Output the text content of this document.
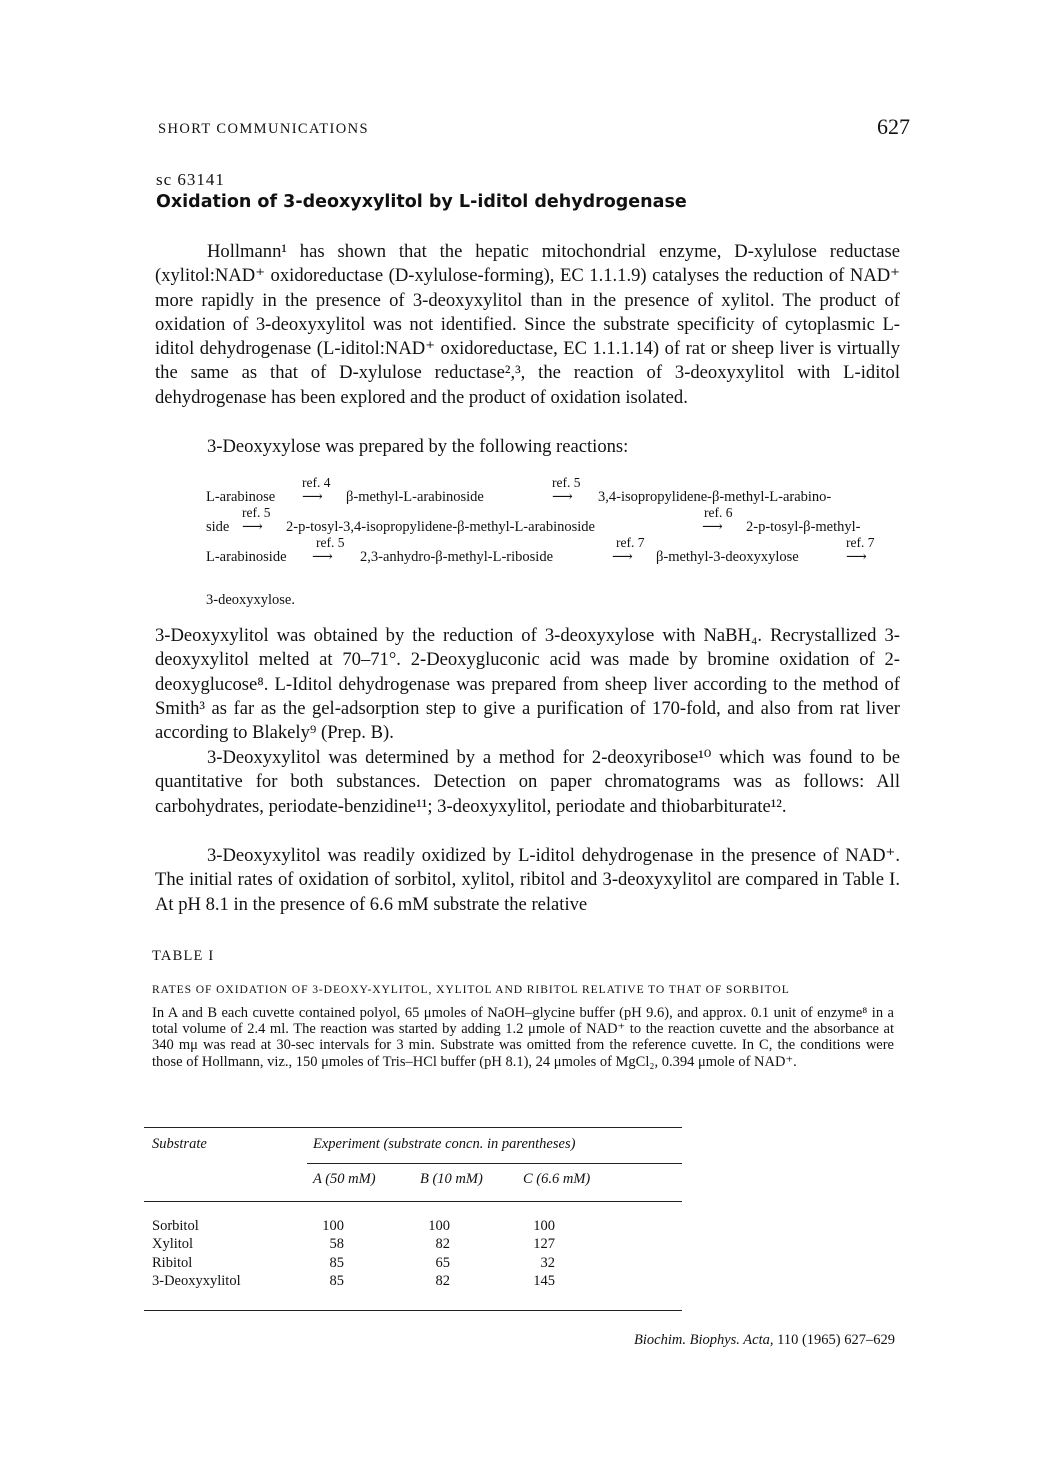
SHORT COMMUNICATIONS	627
sc 63141
Oxidation of 3-deoxyxylitol by L-iditol dehydrogenase
Hollmann¹ has shown that the hepatic mitochondrial enzyme, D-xylulose reductase (xylitol:NAD⁺ oxidoreductase (D-xylulose-forming), EC 1.1.1.9) catalyses the reduction of NAD⁺ more rapidly in the presence of 3-deoxyxylitol than in the presence of xylitol. The product of oxidation of 3-deoxyxylitol was not identified. Since the substrate specificity of cytoplasmic L-iditol dehydrogenase (L-iditol:NAD⁺ oxidoreductase, EC 1.1.1.14) of rat or sheep liver is virtually the same as that of D-xylulose reductase²,³, the reaction of 3-deoxyxylitol with L-iditol dehydrogenase has been explored and the product of oxidation isolated.
3-Deoxyxylose was prepared by the following reactions:
ref. 4	ref. 5
L-arabinose ⟶ β-methyl-L-arabinoside	⟶ 3,4-isopropylidene-β-methyl-L-arabino-
ref. 5	ref. 6
side ⟶ 2-p-tosyl-3,4-isopropylidene-β-methyl-L-arabinoside	⟶ 2-p-tosyl-β-methyl-
ref. 5	ref. 7	ref. 7
L-arabinoside ⟶ 2,3-anhydro-β-methyl-L-riboside	⟶ β-methyl-3-deoxyxylose	⟶
3-deoxyxylose.
3-Deoxyxylitol was obtained by the reduction of 3-deoxyxylose with NaBH₄. Recrystallized 3-deoxyxylitol melted at 70–71°. 2-Deoxygluconic acid was made by bromine oxidation of 2-deoxyglucose⁸. L-Iditol dehydrogenase was prepared from sheep liver according to the method of Smith³ as far as the gel-adsorption step to give a purification of 170-fold, and also from rat liver according to Blakely⁹ (Prep. B).
3-Deoxyxylitol was determined by a method for 2-deoxyribose¹⁰ which was found to be quantitative for both substances. Detection on paper chromatograms was as follows: All carbohydrates, periodate-benzidine¹¹; 3-deoxyxylitol, periodate and thiobarbiturate¹².
3-Deoxyxylitol was readily oxidized by L-iditol dehydrogenase in the presence of NAD⁺. The initial rates of oxidation of sorbitol, xylitol, ribitol and 3-deoxyxylitol are compared in Table I. At pH 8.1 in the presence of 6.6 mM substrate the relative
TABLE I
RATES OF OXIDATION OF 3-DEOXY-XYLITOL, XYLITOL AND RIBITOL RELATIVE TO THAT OF SORBITOL
In A and B each cuvette contained polyol, 65 μmoles of NaOH–glycine buffer (pH 9.6), and approx. 0.1 unit of enzyme⁸ in a total volume of 2.4 ml. The reaction was started by adding 1.2 μmole of NAD⁺ to the reaction cuvette and the absorbance at 340 mμ was read at 30-sec intervals for 3 min. Substrate was omitted from the reference cuvette. In C, the conditions were those of Hollmann, viz., 150 μmoles of Tris–HCl buffer (pH 8.1), 24 μmoles of MgCl₂, 0.394 μmole of NAD⁺.
Substrate	Experiment (substrate concn. in parentheses)
A (50 mM)	B (10 mM)	C (6.6 mM)
Sorbitol	100	100	100
Xylitol	58	82	127
Ribitol	85	65	32
3-Deoxyxylitol	85	82	145
Biochim. Biophys. Acta, 110 (1965) 627–629
